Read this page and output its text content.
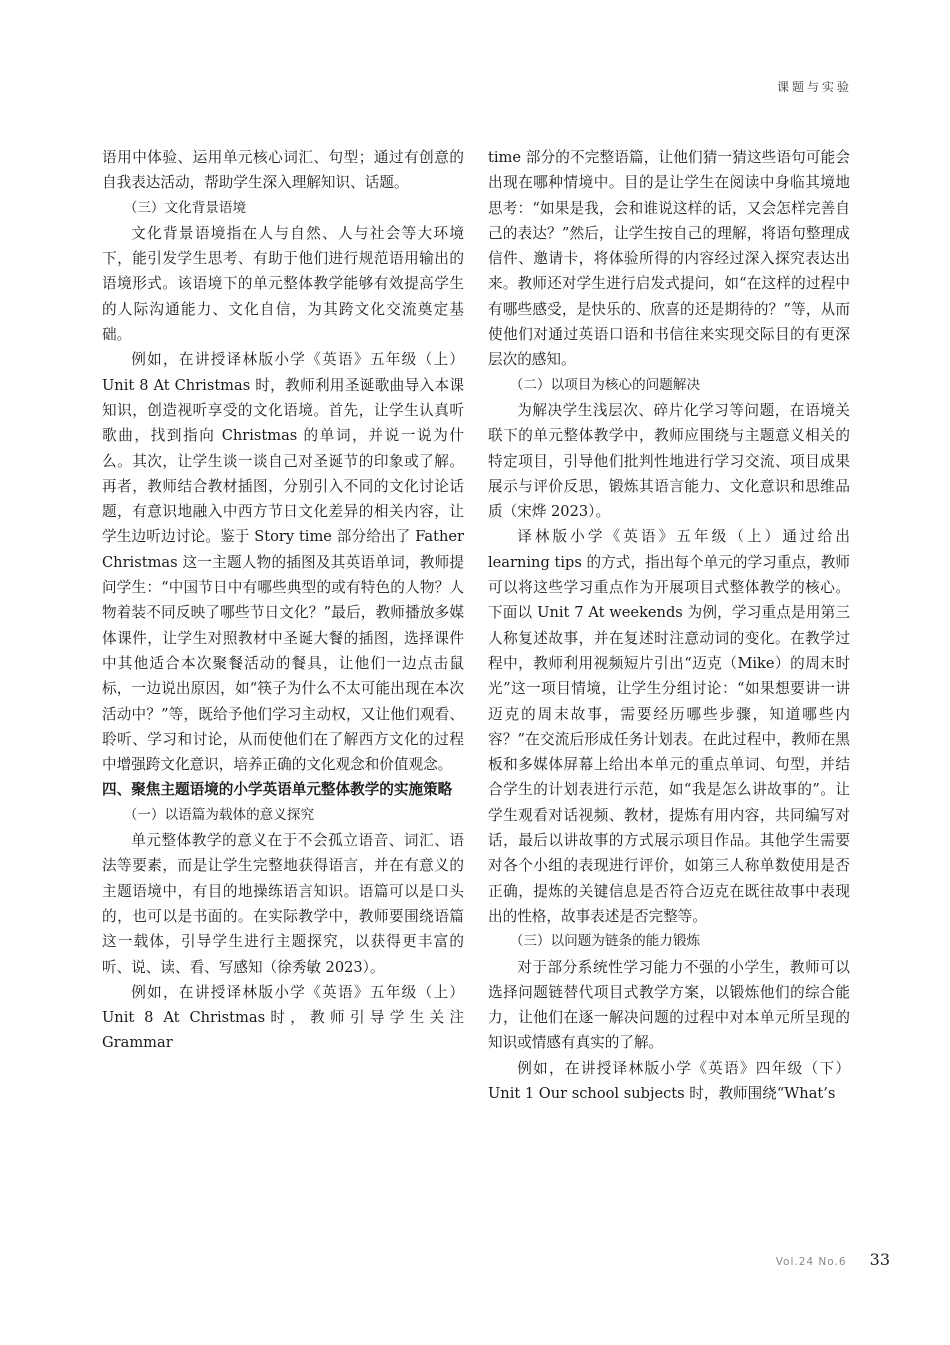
课题与实验

语用中体验、运用单元核心词汇、句型；通过有创意的自我表达活动，帮助学生深入理解知识、话题。

（三）文化背景语境

文化背景语境指在人与自然、人与社会等大环境下，能引发学生思考、有助于他们进行规范语用输出的语境形式。该语境下的单元整体教学能够有效提高学生的人际沟通能力、文化自信，为其跨文化交流奠定基础。

例如，在讲授译林版小学《英语》五年级（上）Unit 8 At Christmas 时，教师利用圣诞歌曲导入本课知识，创造视听享受的文化语境。首先，让学生认真听歌曲，找到指向 Christmas 的单词，并说一说为什么。其次，让学生谈一谈自己对圣诞节的印象或了解。再者，教师结合教材插图，分别引入不同的文化讨论话题，有意识地融入中西方节日文化差异的相关内容，让学生边听边讨论。鉴于 Story time 部分给出了 Father Christmas 这一主题人物的插图及其英语单词，教师提问学生：“中国节日中有哪些典型的或有特色的人物？人物着装不同反映了哪些节日文化？”最后，教师播放多媒体课件，让学生对照教材中圣诞大餐的插图，选择课件中其他适合本次聚餐活动的餐具，让他们一边点击鼠标，一边说出原因，如“筷子为什么不太可能出现在本次活动中？”等，既给予他们学习主动权，又让他们观看、聆听、学习和讨论，从而使他们在了解西方文化的过程中增强跨文化意识，培养正确的文化观念和价值观念。

四、聚焦主题语境的小学英语单元整体教学的实施策略
（一）以语篇为载体的意义探究

单元整体教学的意义在于不会孤立语音、词汇、语法等要素，而是让学生完整地获得语言，并在有意义的主题语境中，有目的地操练语言知识。语篇可以是口头的，也可以是书面的。在实际教学中，教师要围绕语篇这一载体，引导学生进行主题探究，以获得更丰富的听、说、读、看、写感知（徐秀敏 2023）。

例如，在讲授译林版小学《英语》五年级（上）Unit 8 At Christmas时，教师引导学生关注Grammar

time 部分的不完整语篇，让他们猜一猜这些语句可能会出现在哪种情境中。目的是让学生在阅读中身临其境地思考：“如果是我，会和谁说这样的话，又会怎样完善自己的表达？”然后，让学生按自己的理解，将语句整理成信件、邀请卡，将体验所得的内容经过深入探究表达出来。教师还对学生进行启发式提问，如“在这样的过程中有哪些感受，是快乐的、欣喜的还是期待的？”等，从而使他们对通过英语口语和书信往来实现交际目的有更深层次的感知。

（二）以项目为核心的问题解决

为解决学生浅层次、碎片化学习等问题，在语境关联下的单元整体教学中，教师应围绕与主题意义相关的特定项目，引导他们批判性地进行学习交流、项目成果展示与评价反思，锻炼其语言能力、文化意识和思维品质（宋烨 2023）。

译林版小学《英语》五年级（上）通过给出 learning tips 的方式，指出每个单元的学习重点，教师可以将这些学习重点作为开展项目式整体教学的核心。下面以 Unit 7 At weekends 为例，学习重点是用第三人称复述故事，并在复述时注意动词的变化。在教学过程中，教师利用视频短片引出“迈克（Mike）的周末时光”这一项目情境，让学生分组讨论：“如果想要讲一讲迈克的周末故事，需要经历哪些步骤，知道哪些内容？”在交流后形成任务计划表。在此过程中，教师在黑板和多媒体屏幕上给出本单元的重点单词、句型，并结合学生的计划表进行示范，如“我是怎么讲故事的”。让学生观看对话视频、教材，提炼有用内容，共同编写对话，最后以讲故事的方式展示项目作品。其他学生需要对各个小组的表现进行评价，如第三人称单数使用是否正确，提炼的关键信息是否符合迈克在既往故事中表现出的性格，故事表述是否完整等。

（三）以问题为链条的能力锻炼

对于部分系统性学习能力不强的小学生，教师可以选择问题链替代项目式教学方案，以锻炼他们的综合能力，让他们在逐一解决问题的过程中对本单元所呈现的知识或情感有真实的了解。

例如，在讲授译林版小学《英语》四年级（下）Unit 1 Our school subjects 时，教师围绕“What’s

Vol.24 No.6 33
